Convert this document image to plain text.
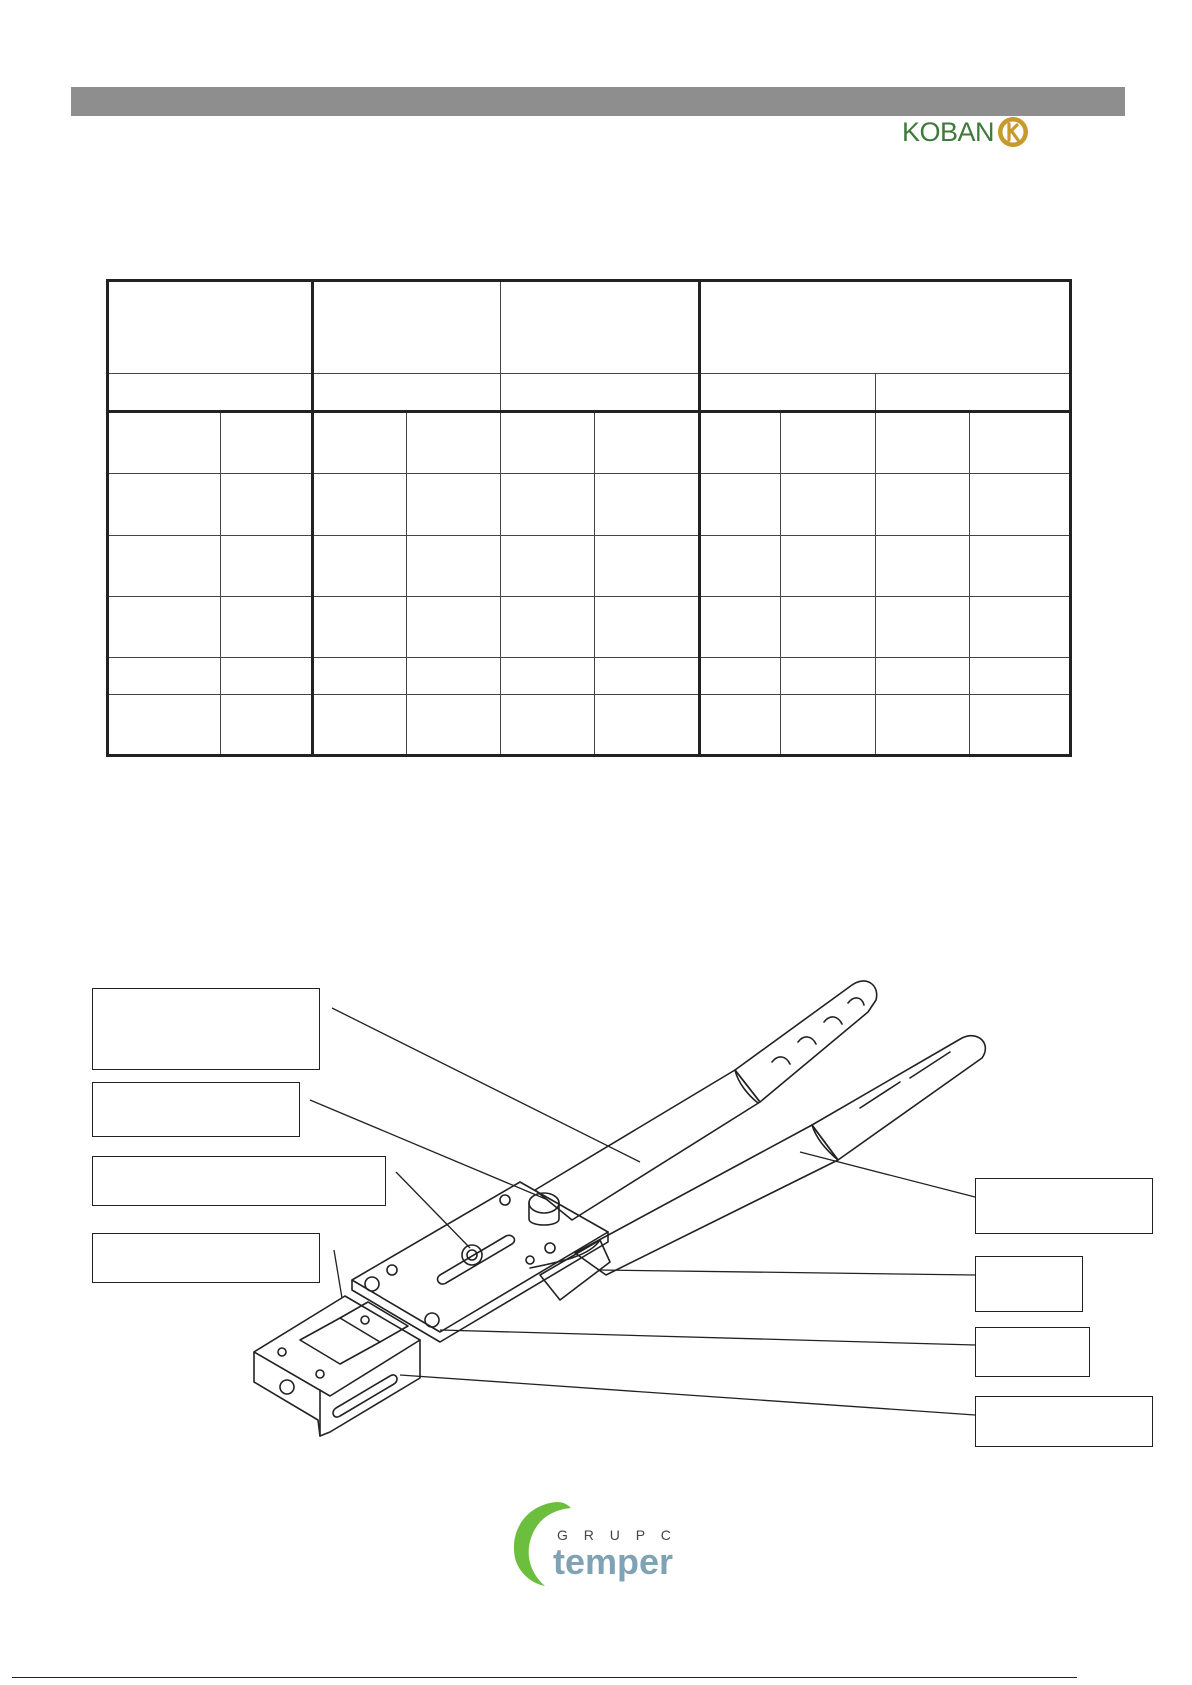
KOBAN

G R U P C
temper
